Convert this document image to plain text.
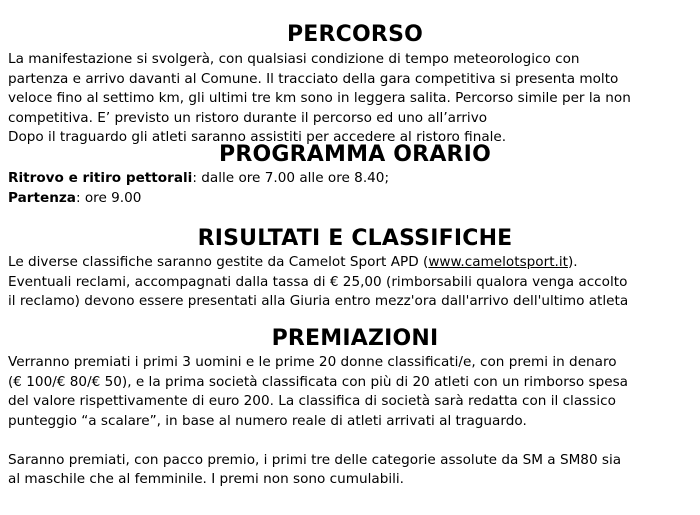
PERCORSO
La manifestazione si svolgerà, con qualsiasi condizione di tempo meteorologico con
partenza e arrivo davanti al Comune. Il tracciato della gara competitiva si presenta molto
veloce fino al settimo km, gli ultimi tre km sono in leggera salita. Percorso simile per la non
competitiva. E’ previsto un ristoro durante il percorso ed uno all’arrivo
Dopo il traguardo gli atleti saranno assistiti per accedere al ristoro finale.
PROGRAMMA ORARIO
Ritrovo e ritiro pettorali: dalle ore 7.00 alle ore 8.40;
Partenza: ore 9.00
RISULTATI E CLASSIFICHE
Le diverse classifiche saranno gestite da Camelot Sport APD (www.camelotsport.it).
Eventuali reclami, accompagnati dalla tassa di € 25,00 (rimborsabili qualora venga accolto
il reclamo) devono essere presentati alla Giuria entro mezz'ora dall'arrivo dell'ultimo atleta
PREMIAZIONI
Verranno premiati i primi 3 uomini e le prime 20 donne classificati/e, con premi in denaro
(€ 100/€ 80/€ 50), e la prima società classificata con più di 20 atleti con un rimborso spesa
del valore rispettivamente di euro 200. La classifica di società sarà redatta con il classico
punteggio “a scalare”, in base al numero reale di atleti arrivati al traguardo.
Saranno premiati, con pacco premio, i primi tre delle categorie assolute da SM a SM80 sia
al maschile che al femminile. I premi non sono cumulabili.
